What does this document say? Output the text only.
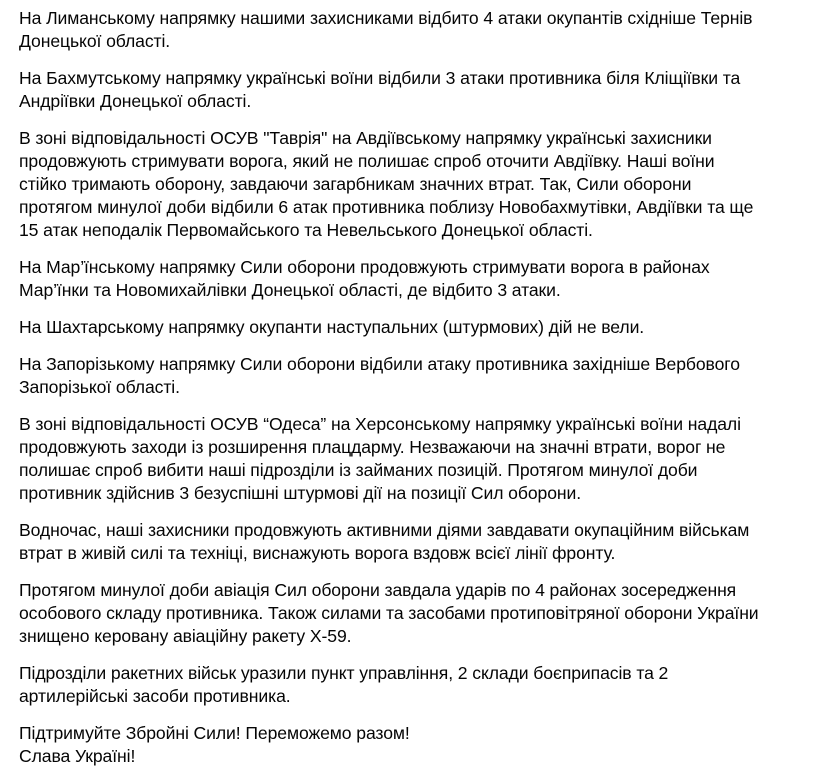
На Лиманському напрямку нашими захисниками відбито 4 атаки окупантів східніше Тернів
Донецької області.
На Бахмутському напрямку українські воїни відбили 3 атаки противника біля Кліщіївки та
Андріївки Донецької області.
В зоні відповідальності ОСУВ "Таврія" на Авдіївському напрямку українські захисники
продовжують стримувати ворога, який не полишає спроб оточити Авдіївку. Наші воїни
стійко тримають оборону, завдаючи загарбникам значних втрат. Так, Сили оборони
протягом минулої доби відбили 6 атак противника поблизу Новобахмутівки, Авдіївки та ще
15 атак неподалік Первомайського та Невельського Донецької області.
На Мар’їнському напрямку Сили оборони продовжують стримувати ворога в районах
Мар’їнки та Новомихайлівки Донецької області, де відбито 3 атаки.
На Шахтарському напрямку окупанти наступальних (штурмових) дій не вели.
На Запорізькому напрямку Сили оборони відбили атаку противника західніше Вербового
Запорізької області.
В зоні відповідальності ОСУВ “Одеса” на Херсонському напрямку українські воїни надалі
продовжують заходи із розширення плацдарму. Незважаючи на значні втрати, ворог не
полишає спроб вибити наші підрозділи із займаних позицій. Протягом минулої доби
противник здійснив 3 безуспішні штурмові дії на позиції Сил оборони.
Водночас, наші захисники продовжують активними діями завдавати окупаційним військам
втрат в живій силі та техніці, виснажують ворога вздовж всієї лінії фронту.
Протягом минулої доби авіація Сил оборони завдала ударів по 4 районах зосередження
особового складу противника. Також силами та засобами протиповітряної оборони України
знищено керовану авіаційну ракету Х-59.
Підрозділи ракетних військ уразили пункт управління, 2 склади боєприпасів та 2
артилерійські засоби противника.
Підтримуйте Збройні Сили! Переможемо разом!
Слава Україні!
